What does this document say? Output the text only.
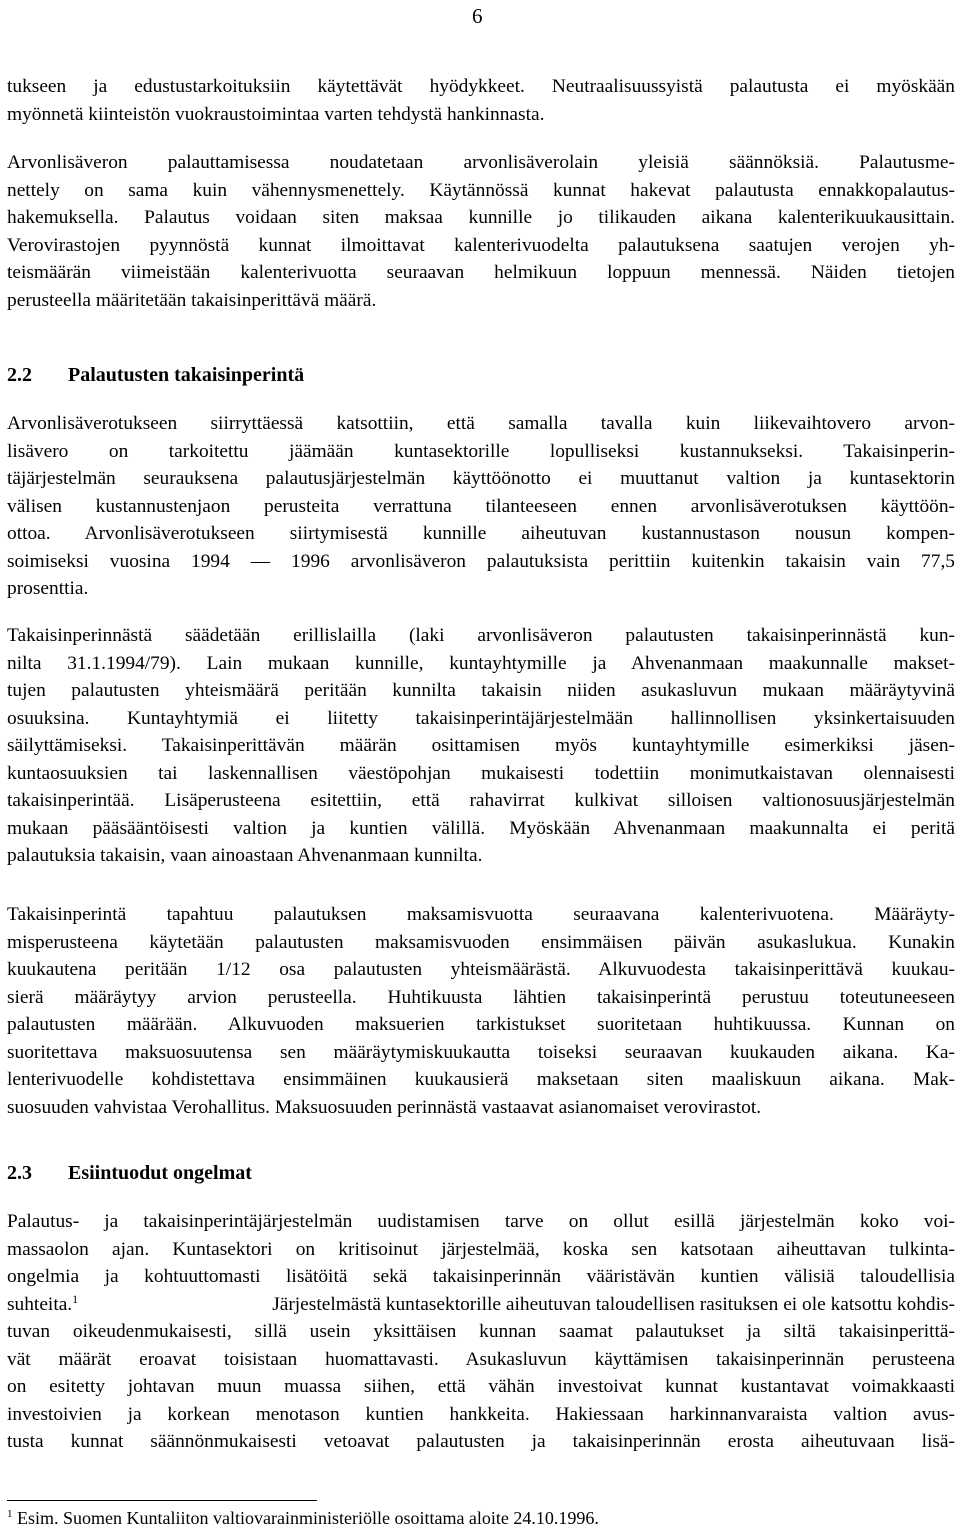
6
tukseen ja edustustarkoituksiin käytettävät hyödykkeet. Neutraalisuussyistä palautusta ei myöskään
myönnetä kiinteistön vuokraustoimintaa varten tehdystä hankinnasta.
Arvonlisäveron palauttamisessa noudatetaan arvonlisäverolain yleisiä säännöksiä. Palautusme-
nettely on sama kuin vähennysmenettely. Käytännössä kunnat hakevat palautusta ennakkopalautus-
hakemuksella. Palautus voidaan siten maksaa kunnille jo tilikauden aikana kalenterikuukausittain.
Verovirastojen pyynnöstä kunnat ilmoittavat kalenterivuodelta palautuksena saatujen verojen yh-
teismäärän viimeistään kalenterivuotta seuraavan helmikuun loppuun mennessä. Näiden tietojen
perusteella määritetään takaisinperittävä määrä.
2.2 Palautusten takaisinperintä
Arvonlisäverotukseen siirryttäessä katsottiin, että samalla tavalla kuin liikevaihtovero arvon-
lisävero on tarkoitettu jäämään kuntasektorille lopulliseksi kustannukseksi. Takaisinperin-
täjärjestelmän seurauksena palautusjärjestelmän käyttöönotto ei muuttanut valtion ja kuntasektorin
välisen kustannustenjaon perusteita verrattuna tilanteeseen ennen arvonlisäverotuksen käyttöön-
ottoa. Arvonlisäverotukseen siirtymisestä kunnille aiheutuvan kustannustason nousun kompen-
soimiseksi vuosina 1994 — 1996 arvonlisäveron palautuksista perittiin kuitenkin takaisin vain 77,5
prosenttia.
Takaisinperinnästä säädetään erillislailla (laki arvonlisäveron palautusten takaisinperinnästä kun-
nilta 31.1.1994/79). Lain mukaan kunnille, kuntayhtymille ja Ahvenanmaan maakunnalle makset-
tujen palautusten yhteismäärä peritään kunnilta takaisin niiden asukasluvun mukaan määräytyvinä
osuuksina. Kuntayhtymiä ei liitetty takaisinperintäjärjestelmään hallinnollisen yksinkertaisuuden
säilyttämiseksi. Takaisinperittävän määrän osittamisen myös kuntayhtymille esimerkiksi jäsen-
kuntaosuuksien tai laskennallisen väestöpohjan mukaisesti todettiin monimutkaistavan olennaisesti
takaisinperintää. Lisäperusteena esitettiin, että rahavirrat kulkivat silloisen valtionosuusjärjestelmän
mukaan pääsääntöisesti valtion ja kuntien välillä. Myöskään Ahvenanmaan maakunnalta ei peritä
palautuksia takaisin, vaan ainoastaan Ahvenanmaan kunnilta.
Takaisinperintä tapahtuu palautuksen maksamisvuotta seuraavana kalenterivuotena. Määräyty-
misperusteena käytetään palautusten maksamisvuoden ensimmäisen päivän asukaslukua. Kunakin
kuukautena peritään 1/12 osa palautusten yhteismäärästä. Alkuvuodesta takaisinperittävä kuukau-
sierä määräytyy arvion perusteella. Huhtikuusta lähtien takaisinperintä perustuu toteutuneeseen
palautusten määrään. Alkuvuoden maksuerien tarkistukset suoritetaan huhtikuussa. Kunnan on
suoritettava maksuosuutensa sen määräytymiskuukautta toiseksi seuraavan kuukauden aikana. Ka-
lenterivuodelle kohdistettava ensimmäinen kuukausierä maksetaan siten maaliskuun aikana. Mak-
suosuuden vahvistaa Verohallitus. Maksuosuuden perinnästä vastaavat asianomaiset verovirastot.
2.3 Esiintuodut ongelmat
Palautus- ja takaisinperintäjärjestelmän uudistamisen tarve on ollut esillä järjestelmän koko voi-
massaolon ajan. Kuntasektori on kritisoinut järjestelmää, koska sen katsotaan aiheuttavan tulkinta-
ongelmia ja kohtuuttomasti lisätöitä sekä takaisinperinnän vääristävän kuntien välisiä taloudellisia
suhteita.$^1$	Järjestelmästä kuntasektorille aiheutuvan taloudellisen rasituksen ei ole katsottu kohdis-
tuvan oikeudenmukaisesti, sillä usein yksittäisen kunnan saamat palautukset ja siltä takaisinperittä-
vät määrät eroavat toisistaan huomattavasti. Asukasluvun käyttämisen takaisinperinnän perusteena
on esitetty johtavan muun muassa siihen, että vähän investoivat kunnat kustantavat voimakkaasti
investoivien ja korkean menotason kuntien hankkeita. Hakiessaan harkinnanvaraista valtion avus-
tusta kunnat säännönmukaisesti vetoavat palautusten ja takaisinperinnän erosta aiheutuvaan lisä-
$^1$ Esim. Suomen Kuntaliiton valtiovarainministeriölle osoittama aloite 24.10.1996.
